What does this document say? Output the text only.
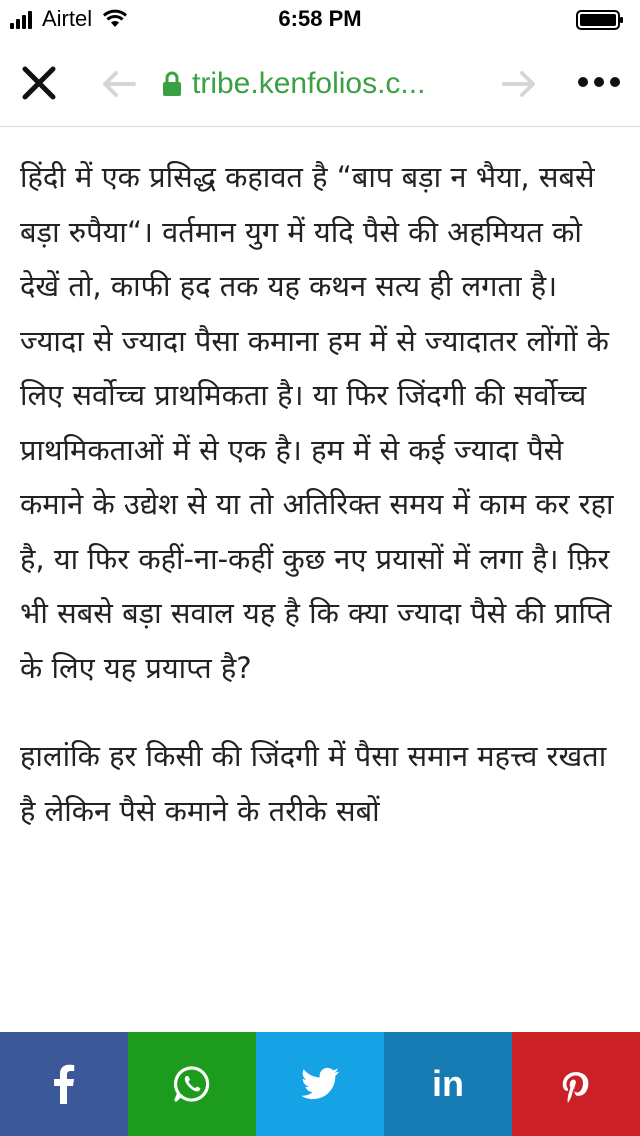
Airtel	6:58 PM
tribe.kenfolios.c...

हिंदी में एक प्रसिद्ध कहावत है “बाप बड़ा न भैया, सबसे बड़ा रुपैया“। वर्तमान युग में यदि पैसे की अहमियत को देखें तो, काफी हद तक यह कथन सत्य ही लगता है। ज्यादा से ज्यादा पैसा कमाना हम में से ज्यादातर लोंगों के लिए सर्वोच्च प्राथमिकता है। या फिर जिंदगी की सर्वोच्च प्राथमिकताओं में से एक है। हम में से कई ज्यादा पैसे कमाने के उद्येश से या तो अतिरिक्त समय में काम कर रहा है, या फिर कहीं-ना-कहीं कुछ नए प्रयासों में लगा है। फ़िर भी सबसे बड़ा सवाल यह है कि क्या ज्यादा पैसे की प्राप्ति के लिए यह प्रयाप्त है?

हालांकि हर किसी की जिंदगी में पैसा समान महत्त्व रखता है लेकिन पैसे कमाने के तरीके सबों

in
